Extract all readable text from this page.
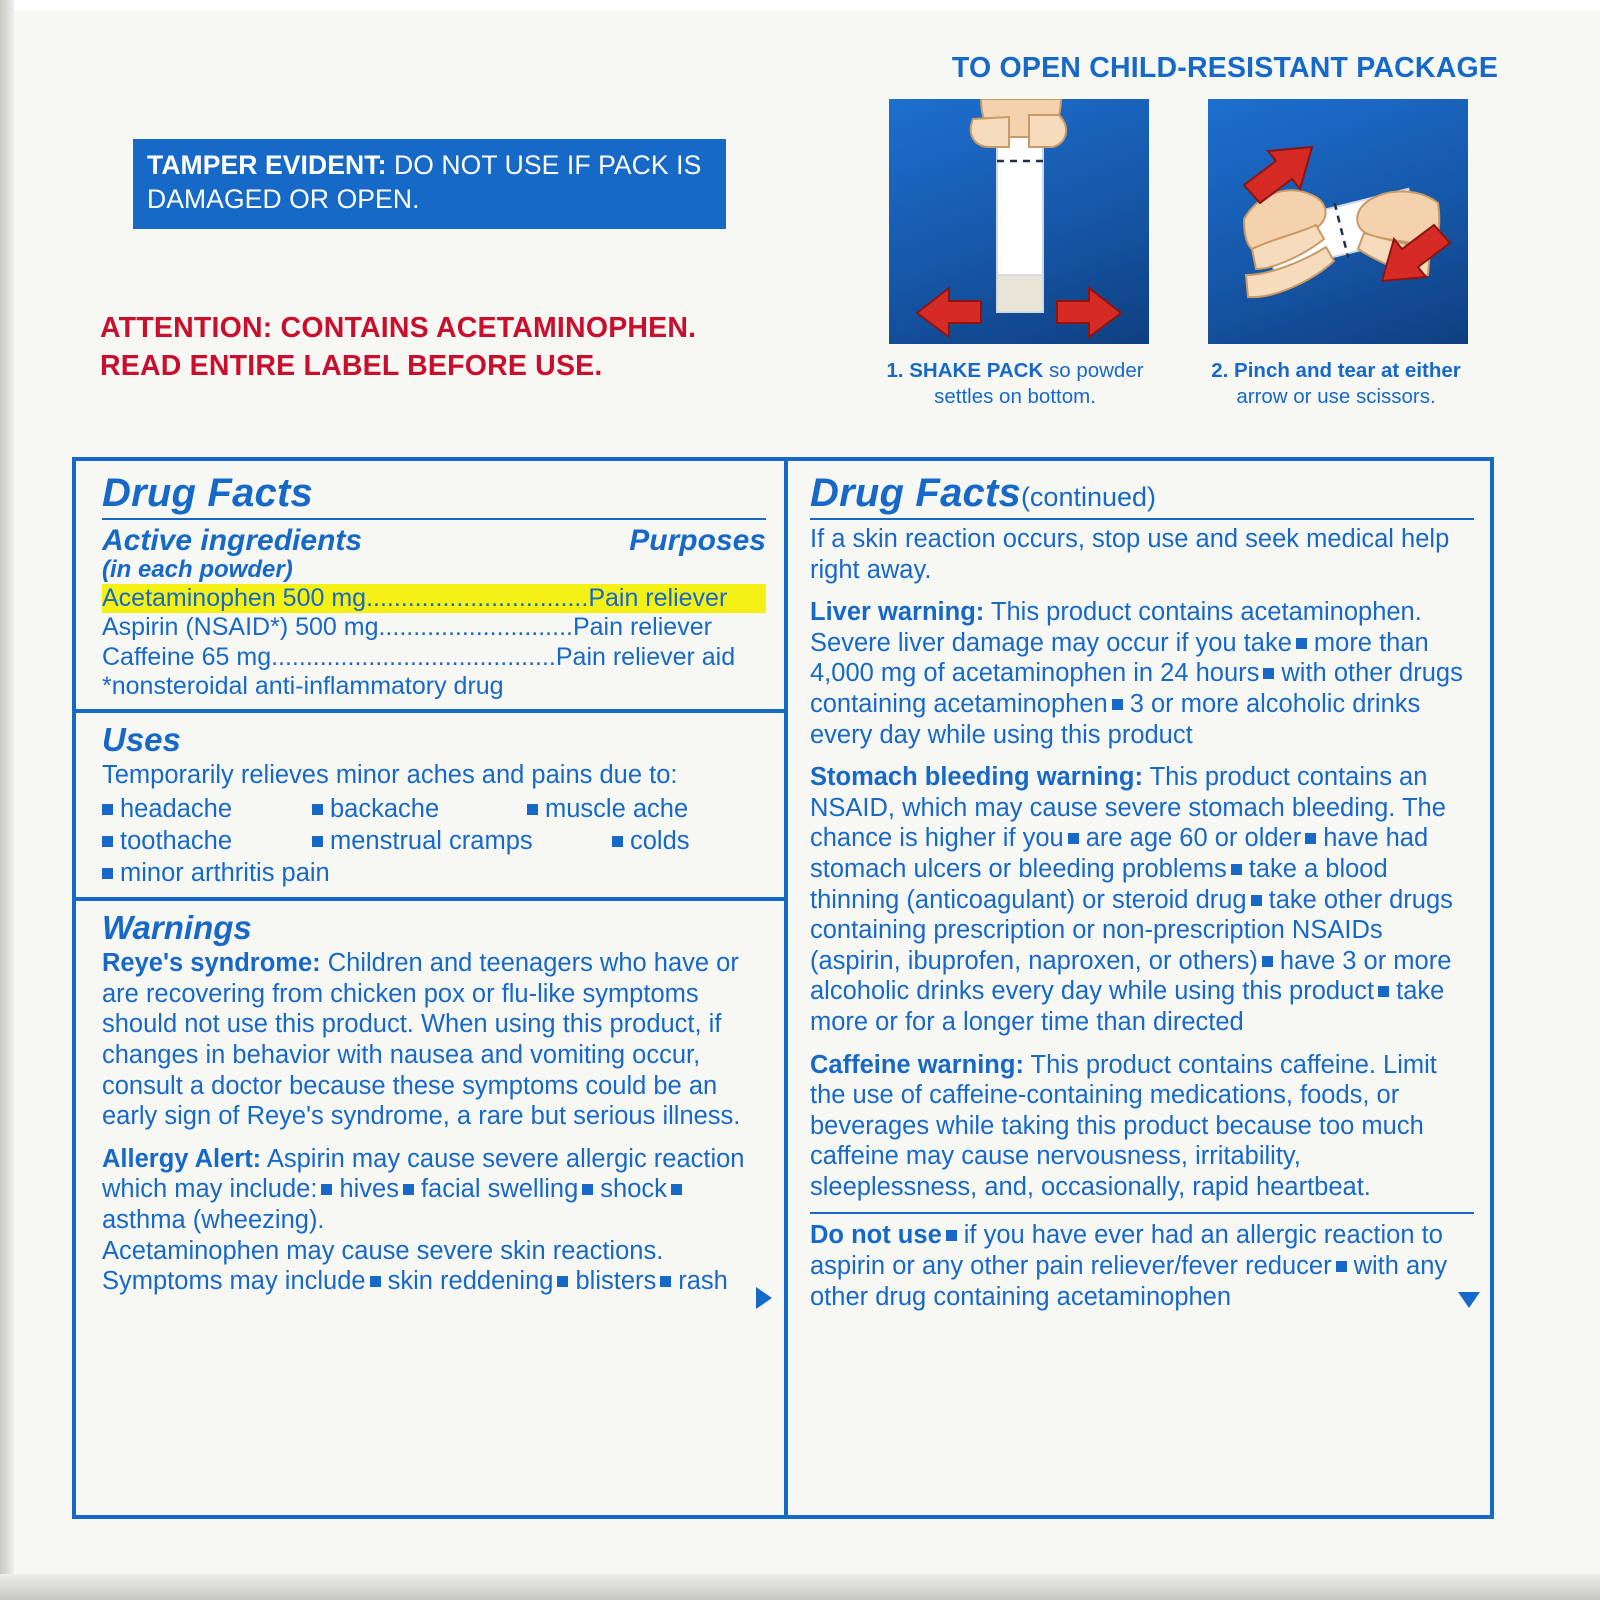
TAMPER EVIDENT: DO NOT USE IF PACK IS DAMAGED OR OPEN.
ATTENTION: CONTAINS ACETAMINOPHEN.
READ ENTIRE LABEL BEFORE USE.
TO OPEN CHILD-RESISTANT PACKAGE
1. SHAKE PACK so powder settles on bottom.
2. Pinch and tear at either arrow or use scissors.
Drug Facts
Active ingredients	Purposes
(in each powder)
Acetaminophen 500 mg................................Pain reliever
Aspirin (NSAID*) 500 mg............................Pain reliever
Caffeine 65 mg.........................................Pain reliever aid
*nonsteroidal anti-inflammatory drug
Uses
Temporarily relieves minor aches and pains due to:
headache	backache	muscle ache
toothache	menstrual cramps	colds
minor arthritis pain
Warnings
Reye's syndrome: Children and teenagers who have or are recovering from chicken pox or flu-like symptoms should not use this product. When using this product, if changes in behavior with nausea and vomiting occur, consult a doctor because these symptoms could be an early sign of Reye's syndrome, a rare but serious illness.
Allergy Alert: Aspirin may cause severe allergic reaction which may include: hives facial swelling shockasthma (wheezing).
Acetaminophen may cause severe skin reactions. Symptoms may include skin reddening blisters rash
Drug Facts(continued)
If a skin reaction occurs, stop use and seek medical help right away.
Liver warning: This product contains acetaminophen. Severe liver damage may occur if you take more than 4,000 mg of acetaminophen in 24 hours with other drugs containing acetaminophen 3 or more alcoholic drinks every day while using this product
Stomach bleeding warning: This product contains an NSAID, which may cause severe stomach bleeding. The chance is higher if you are age 60 or older have had stomach ulcers or bleeding problems take a blood thinning (anticoagulant) or steroid drug take other drugs containing prescription or non-prescription NSAIDs (aspirin, ibuprofen, naproxen, or others) have 3 or more alcoholic drinks every day while using this product take more or for a longer time than directed
Caffeine warning: This product contains caffeine. Limit the use of caffeine-containing medications, foods, or beverages while taking this product because too much caffeine may cause nervousness, irritability, sleeplessness, and, occasionally, rapid heartbeat.
Do not use if you have ever had an allergic reaction to aspirin or any other pain reliever/fever reducer with any other drug containing acetaminophen
